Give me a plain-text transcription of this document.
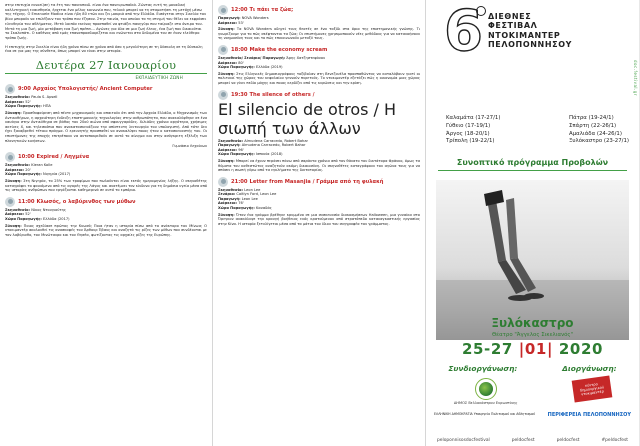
στην επιτυχία ευνοεί(σε) τα έτη του πανεκπαιδ. είναι ένα πανευρωπαϊκά. Ζώντας ευτή τη μοναδική καλλιτεχνική ευαισθησία, έρχεται ένα μέλος κοινωνία που, τελικά μπορεί να τη σταματήσει τη μετόχή μέσω της τέχνης. Ο Emanuele Modica είναι ήδη 80 ετών και ζει μακριά από την Ελλάδα. Εισάγεται στην Σικελία του βίου μπορούν να επιλέξουν τον τρόπο που έζησαν. Στην ταινία, του οποίου τα τη στιγμή του θέλει να εκφράσει ελευθερία του αθλήματος. Μετά λοιπόν εκείνος προσπαθεί να φτιάξει πανηγύρι που ταίριαζε στο όνειρο του. Μετά τη μια ζωή, μία μετάβαση ενα ζωή πρέπει... Αγώνες για όλα σε μια ζωή έλεος, ένα ζωή που δικαιούται το Σκαλοπάτι. Ο καθένας από εμάς επαναπροσδιορίζεται και ενώνεται στα δεδομένα του σε έναν ελεύθερο τρόπο ζωής.
Η επιτυχής στην Σικελία είναι ήδη χρόνο πίσω σε χρόνο από όσο η μεγαλύτερη σε τη δύσκολη σε τη δύσκολη ένα σε για μας της σύνθετα, όπως μπορεί να είναι στην ιστορία.
Δευτέρα 27 Ιανουαρίου
ΕΚΠΑΙΔΕΥΤΙΚΗ ΖΩΝΗ
9:00 Αρχαίος Υπολογιστής/ Ancient Computer
Σκηνοθεσία: Paula S. Apsell
Διάρκεια: 52'
Χώρα Παραγωγής: ΗΠΑ
Σύνοψη: Προσθαφαίρεση από πέντε μηχανισμούς και απαιτούν ότι από την Αρχαία Ελλάδα, ο Μηχανισμός των Αντικυθήρων, η αρχαιότερη ένδειξη επιστημονικής τεχνολογίας στην ανθρωπότητα, που ανακαλύφθηκε σε ένα ναυάγιο στην Αντικύθηρα σε βάθος του 20ού αιώνα από σφουγγαράδες. Χιλιάδες χρόνια αργότερα, χρήσιμες ακτίνες Χ, και τηλεσκόπια που ανακατασκευάζουν την απίστευτη λειτουργία του υπολογιστή. Από τότε δεν έχει ξαναβρεθεί τέτοιο πράγμα. Ο ερευνητής προσπαθεί να ανακαλύψει ποιος ήταν ο κατασκευαστής του. Οι επιστήμονες της εποχής επιτρέπουν να ανταποκριθούν σε αυτό το αίνιγμα και στην ασύγκριτη εξέλιξη των πλανητικών κινήσεων.
Γυμνάσιο Λεχαίνων
10:00 Expired / Ληγμένα
Σκηνοθεσία: Kieran Kolle
Διάρκεια: 20'
Χώρα Παραγωγής: Νιγηρία (2017)
Σύνοψη: Στη Νιγηρία, το 25% των τροφίμων που πωλούνται είναι εκτός ημερομηνίας λήξης. Ο σκηνοθέτης καταγράφει το φαινόμενο από τις αγορές της Λάγος και ανατέμνει τον κίνδυνο για τη δημόσια υγεία μέσα από τις ιστορίες ανθρώπων που εργάζονται καθημερινά σε αυτό το εμπόριο.
11:00 Κλωσός, ο λαβύρινθος των μύθων
Σκηνοθεσία: Νίκος Ντουγιούτης
Διάρκεια: 52'
Χώρα Παραγωγής: Ελλάδα (2017)
Σύνοψη: Ποιος σχεδίασε πρώτος την Κνωσό; Ποια ήταν η ιστορία πίσω από το ανάκτορο του Μίνωα; Ο ντοκιμαντέρ ακολουθεί τις ανασκαφές του Άρθουρ Έβανς και αναζητά τις ρίζες των μύθων που συνδέονται με τον λαβύρινθο, τον Μινώταυρο και τον Θησέα, φωτίζοντας τις αρχαίες ρίζες της Ευρώπης.
12:00 Τι πάει τα ζώα;
Παραγωγή: NOVA Wonders
Διάρκεια: 53'
Σύνοψη: Τα NOVA Wonders οδηγεί τους θεατές σε ένα ταξίδι στα όρια της επιστημονικής γνώσης. Τι γνωρίζουμε για το πώς σκέφτονται τα ζώα; Οι επιστήμονες χρησιμοποιούν νέες μεθόδους για να κατανοήσουν τη νοημοσύνη τους και το πώς επικοινωνούν μεταξύ τους.
18:00 Make the economy scream
Σκηνοθεσία/ Σενάριο/ Παραγωγή: Άρης Χατζηστεφάνου
Διάρκεια: 80'
Χώρα Παραγωγής: Ελλάδα (2019)
Σύνοψη: Στις Ελληνικές δημοσιογράφους τοξίβολαν στη Βενεζουέλα προσπαθώντας να καταλάβουν γιατί οι πολιτικοί της χώρας του κεφαλαίου γεννούν πυρετούς. Το ντοκιμαντέρ εξετάζει πώς η οικονομία μιας χώρας μπορεί να γίνει πεδίο μάχης και ποιος κερδίζει από τις κυρώσεις και την κρίση.
19:30 The silence of others /
El silencio de otros / Η σιωπή των άλλων
Σκηνοθεσία: Almudena Carracedo, Robert Bahar
Παραγωγή: Almudena Carracedo, Robert Bahar
Διάρκεια: 96'
Χώρα Παραγωγής: Ισπανία (2018)
Σύνοψη: Μπορεί να έχουν περάσει πάνω από σαράντα χρόνια από τον θάνατο του δικτάτορα Φράνκο, όμως τα θύματα του καθεστώτος αναζητούν ακόμη δικαιοσύνη. Οι σκηνοθέτες καταγράφουν τον αγώνα τους για να σπάσει η σιωπή γύρω από τα εγκλήματα της δικτατορίας.
21:00 Letter from Masanjia / Γράμμα από τη φυλακή
Σκηνοθεσία: Leon Lee
Σενάριο: Caitlyn Ford, Leon Lee
Παραγωγή: Leon Lee
Διάρκεια: 76'
Χώρα Παραγωγής: Καναδάς
Σύνοψη: Όταν ένα γράμμα βρέθηκε κρυμμένο σε μια συσκευασία διακοσμήσεων Halloween, μια γυναίκα στο Όρεγκον ανακάλυψε την κραυγή βοήθειας ενός κρατούμενου από στρατόπεδο καταναγκαστικής εργασίας στην Κίνα. Η ιστορία ξετυλίγεται μέσα από τα μάτια του ίδιου του συγγραφέα του γράμματος.
6 ΔΙΕΘΝΕΣ
ΦΕΣΤΙΒΑΛ
ΝΤΟΚΙΜΑΝΤΕΡ
ΠΕΛΟΠΟΝΝΗΣΟΥ
Καλαμάτα (17-27/1)
Γύθειο (17-19/1)
Άργος (18-20/1)
Τρίπολη (19-22/1)
Πάτρα (19-24/1)
Σπάρτη (22-26/1)
Αμαλιάδα (24-26/1)
Ξυλόκαστρο (23-27/1)
Συνοπτικό πρόγραμμα Προβολών
doc.festival.gr
Ξυλόκαστρο
Θέατρο "Άγγελος Σικελιανός"
25-27 |01| 2020
Συνδιοργάνωση:	Διοργάνωση:
ΔΗΜΟΣ Βελλοκάστρου Ευρωστίνης
κέντρο δημιουργικού ντοκιμαντέρ
ΕΛΛΗΝΙΚΗ ΔΗΜΟΚΡΑΤΙΑ Υπουργείο Πολιτισμού και Αθλητισμού ΠΕΡΙΦΕΡΕΙΑ ΠΕΛΟΠΟΝΝΗΣΟΥ
peloponnisosdocfestival	peldocfest	peldocfest	#peldocfest
